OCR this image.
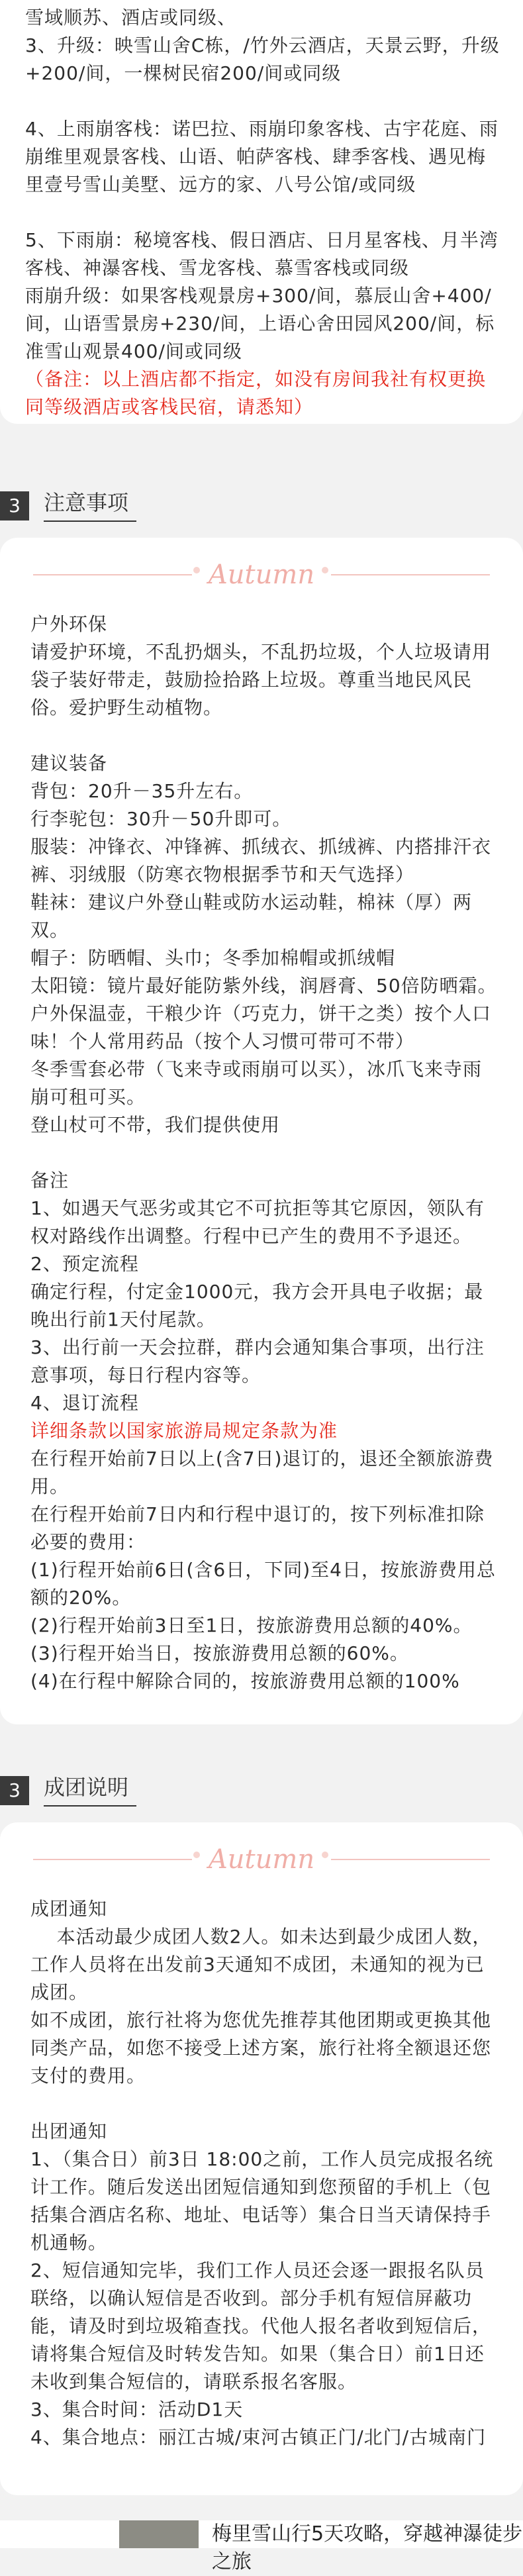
雪域顺苏、酒店或同级、
3、升级：映雪山舍C栋，/竹外云酒店，天景云野，升级+200/间，一棵树民宿200/间或同级
4、上雨崩客栈：诺巴拉、雨崩印象客栈、古宇花庭、雨崩维里观景客栈、山语、帕萨客栈、肆季客栈、遇见梅里壹号雪山美墅、远方的家、八号公馆/或同级
5、下雨崩：秘境客栈、假日酒店、日月星客栈、月半湾客栈、神瀑客栈、雪龙客栈、慕雪客栈或同级
雨崩升级：如果客栈观景房+300/间，慕辰山舍+400/间，山语雪景房+230/间，上语心舍田园风200/间，标准雪山观景400/间或同级
（备注：以上酒店都不指定，如没有房间我社有权更换同等级酒店或客栈民宿，请悉知）
3	注意事项
Autumn
户外环保
请爱护环境，不乱扔烟头，不乱扔垃圾，个人垃圾请用袋子装好带走，鼓励捡拾路上垃圾。尊重当地民风民俗。爱护野生动植物。
建议装备
背包：20升－35升左右。
行李驼包：30升－50升即可。
服装：冲锋衣、冲锋裤、抓绒衣、抓绒裤、内搭排汗衣裤、羽绒服（防寒衣物根据季节和天气选择）
鞋袜：建议户外登山鞋或防水运动鞋，棉袜（厚）两双。
帽子：防晒帽、头巾；冬季加棉帽或抓绒帽
太阳镜：镜片最好能防紫外线，润唇膏、50倍防晒霜。
户外保温壶，干粮少许（巧克力，饼干之类）按个人口味！个人常用药品（按个人习惯可带可不带）
冬季雪套必带（飞来寺或雨崩可以买），冰爪飞来寺雨崩可租可买。
登山杖可不带，我们提供使用
备注
1、如遇天气恶劣或其它不可抗拒等其它原因，领队有权对路线作出调整。行程中已产生的费用不予退还。
2、预定流程
确定行程，付定金1000元，我方会开具电子收据；最晚出行前1天付尾款。
3、出行前一天会拉群，群内会通知集合事项，出行注意事项，每日行程内容等。
4、退订流程
详细条款以国家旅游局规定条款为准
在行程开始前7日以上(含7日)退订的，退还全额旅游费用。
在行程开始前7日内和行程中退订的，按下列标准扣除必要的费用：
(1)行程开始前6日(含6日，下同)至4日，按旅游费用总额的20%。
(2)行程开始前3日至1日，按旅游费用总额的40%。
(3)行程开始当日，按旅游费用总额的60%。
(4)在行程中解除合同的，按旅游费用总额的100%
3	成团说明
Autumn
成团通知
本活动最少成团人数2人。如未达到最少成团人数，工作人员将在出发前3天通知不成团，未通知的视为已成团。
如不成团，旅行社将为您优先推荐其他团期或更换其他同类产品，如您不接受上述方案，旅行社将全额退还您支付的费用。
出团通知
1、（集合日）前3日 18:00之前，工作人员完成报名统计工作。随后发送出团短信通知到您预留的手机上（包括集合酒店名称、地址、电话等）集合日当天请保持手机通畅。
2、短信通知完毕，我们工作人员还会逐一跟报名队员联络，以确认短信是否收到。部分手机有短信屏蔽功能，请及时到垃圾箱查找。代他人报名者收到短信后，请将集合短信及时转发告知。如果（集合日）前1日还未收到集合短信的，请联系报名客服。
3、集合时间：活动D1天
4、集合地点：丽江古城/束河古镇正门/北门/古城南门
梅里雪山行5天攻略，穿越神瀑徒步之旅
